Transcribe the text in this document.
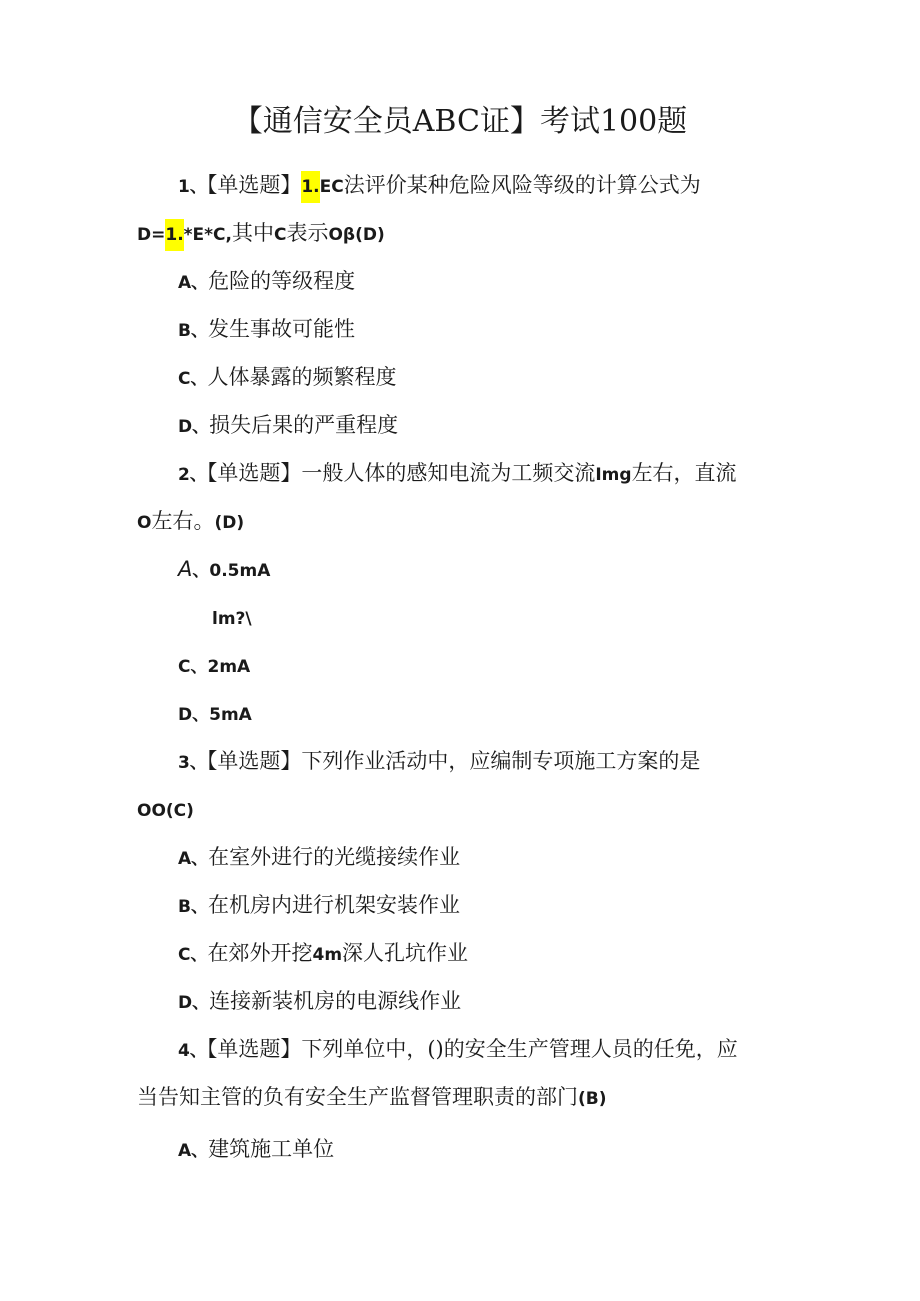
【通信安全员ABC证】考试100题
1、【单选题】1.EC法评价某种危险风险等级的计算公式为
D=1.*E*C,其中C表示Oβ(D)
A、危险的等级程度
B、发生事故可能性
C、人体暴露的频繁程度
D、损失后果的严重程度
2、【单选题】一般人体的感知电流为工频交流Img左右，直流
O左右。(D)
A、0.5mA
lm?\
C、2mA
D、5mA
3、【单选题】下列作业活动中，应编制专项施工方案的是
OO(C)
A、在室外进行的光缆接续作业
B、在机房内进行机架安装作业
C、在郊外开挖4m深人孔坑作业
D、连接新装机房的电源线作业
4、【单选题】下列单位中，()的安全生产管理人员的任免，应
当告知主管的负有安全生产监督管理职责的部门(B)
A、建筑施工单位
